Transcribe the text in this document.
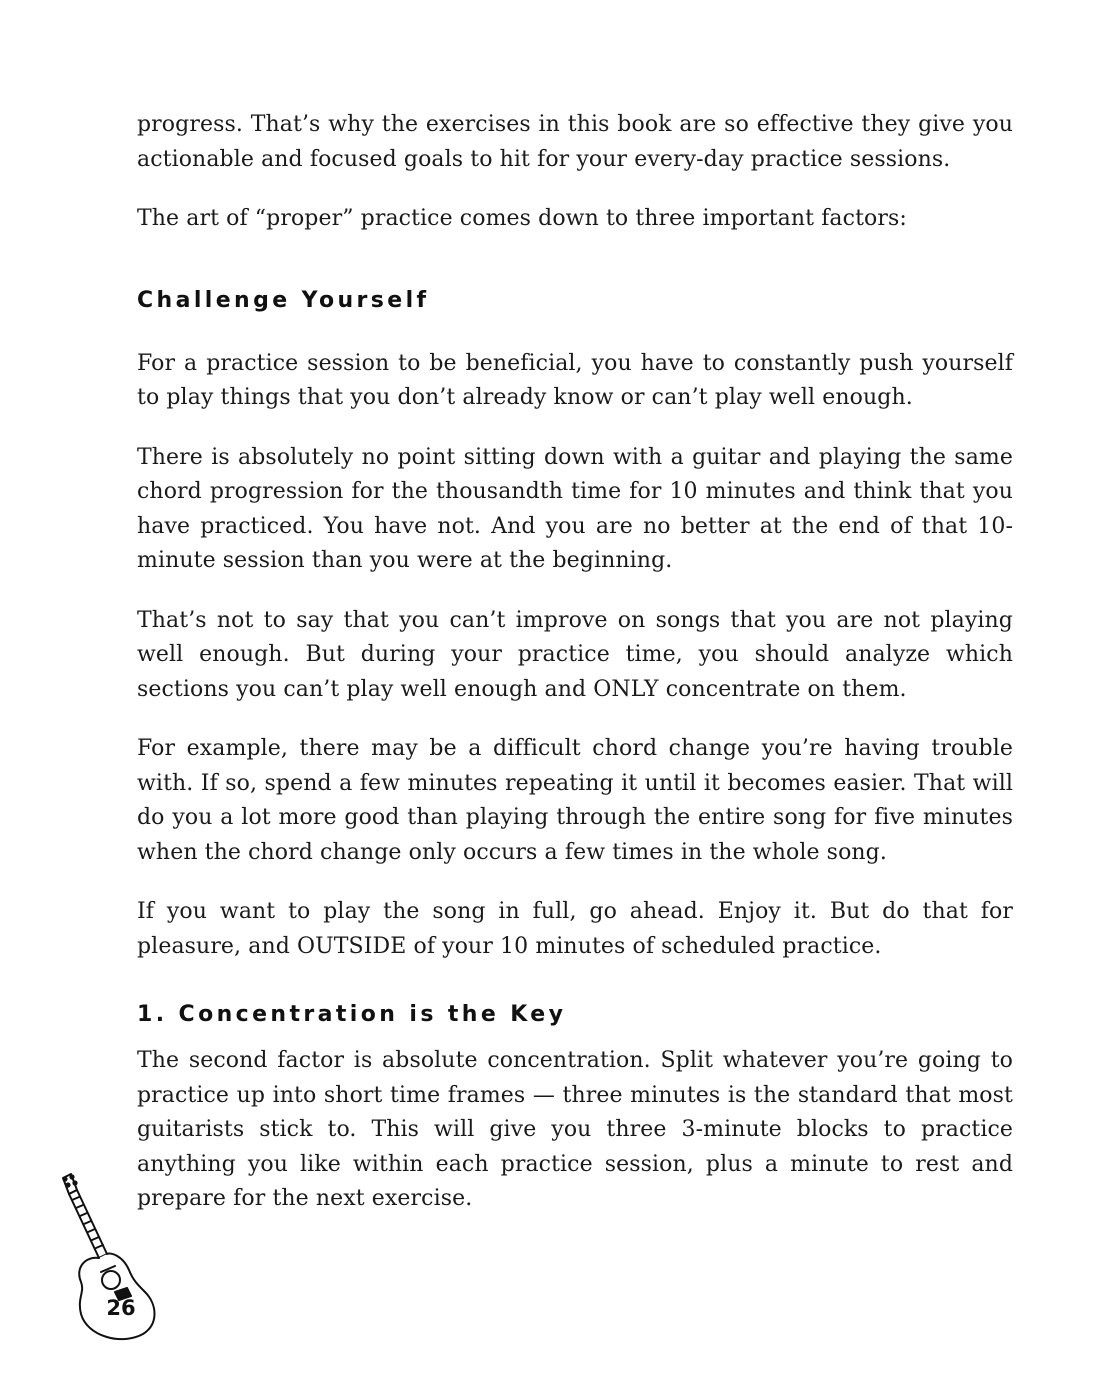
progress. That’s why the exercises in this book are so effective they give you actionable and focused goals to hit for your every-day practice sessions.

The art of “proper” practice comes down to three important factors:

Challenge Yourself

For a practice session to be beneficial, you have to constantly push yourself to play things that you don’t already know or can’t play well enough.

There is absolutely no point sitting down with a guitar and playing the same chord progression for the thousandth time for 10 minutes and think that you have practiced. You have not. And you are no better at the end of that 10-minute session than you were at the beginning.

That’s not to say that you can’t improve on songs that you are not playing well enough. But during your practice time, you should analyze which sections you can’t play well enough and ONLY concentrate on them.

For example, there may be a difficult chord change you’re having trouble with. If so, spend a few minutes repeating it until it becomes easier. That will do you a lot more good than playing through the entire song for five minutes when the chord change only occurs a few times in the whole song.

If you want to play the song in full, go ahead. Enjoy it. But do that for pleasure, and OUTSIDE of your 10 minutes of scheduled practice.

1. Concentration is the Key

The second factor is absolute concentration. Split whatever you’re going to practice up into short time frames — three minutes is the standard that most guitarists stick to. This will give you three 3-minute blocks to practice anything you like within each practice session, plus a minute to rest and prepare for the next exercise.

26
